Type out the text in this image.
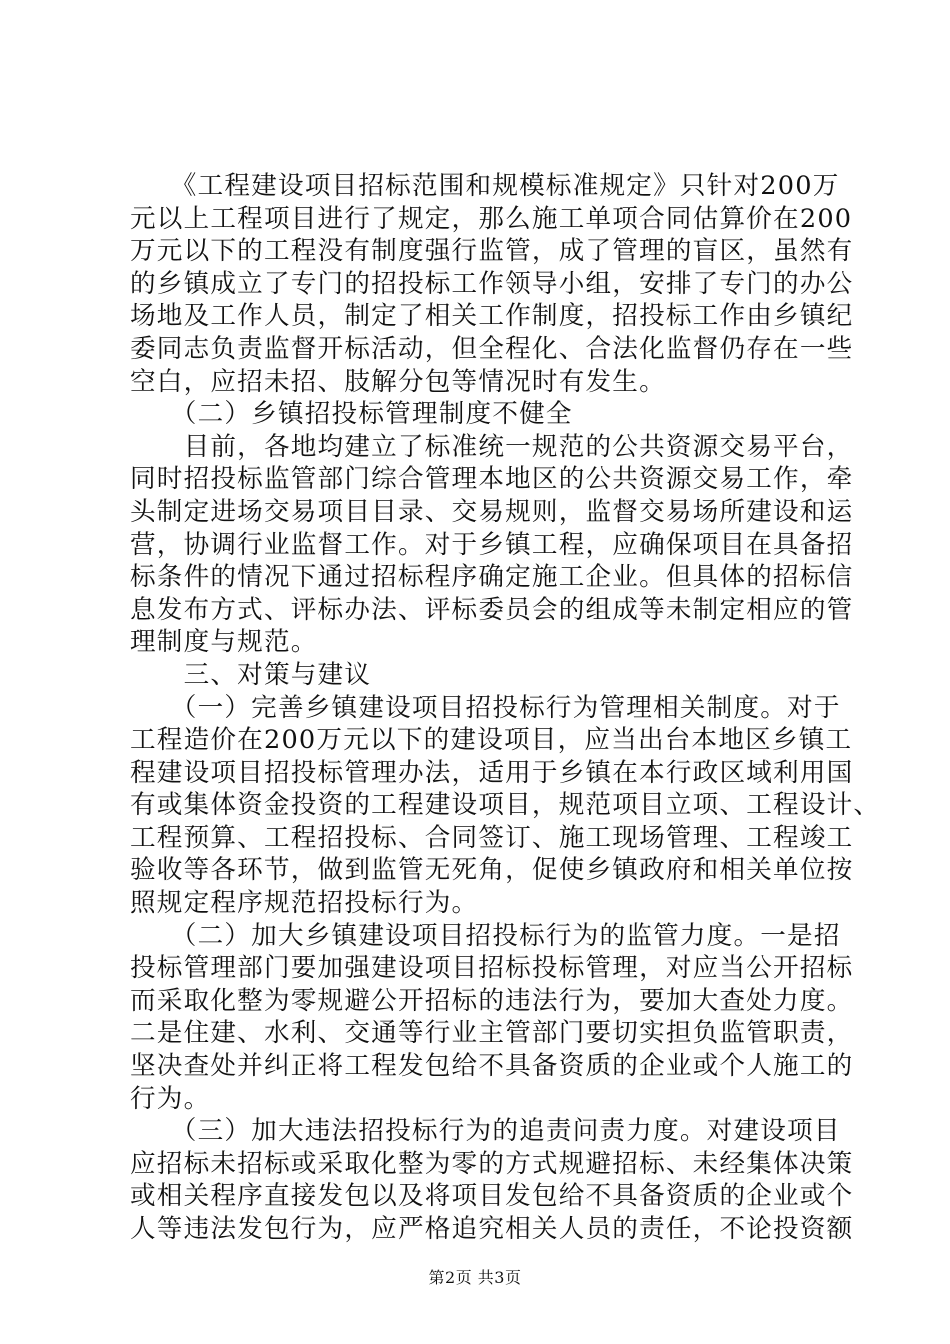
　　《工程建设项目招标范围和规模标准规定》只针对200万
元以上工程项目进行了规定，那么施工单项合同估算价在200
万元以下的工程没有制度强行监管，成了管理的盲区，虽然有
的乡镇成立了专门的招投标工作领导小组，安排了专门的办公
场地及工作人员，制定了相关工作制度，招投标工作由乡镇纪
委同志负责监督开标活动，但全程化、合法化监督仍存在一些
空白，应招未招、肢解分包等情况时有发生。
　　（二）乡镇招投标管理制度不健全
　　目前，各地均建立了标准统一规范的公共资源交易平台，
同时招投标监管部门综合管理本地区的公共资源交易工作，牵
头制定进场交易项目目录、交易规则，监督交易场所建设和运
营，协调行业监督工作。对于乡镇工程，应确保项目在具备招
标条件的情况下通过招标程序确定施工企业。但具体的招标信
息发布方式、评标办法、评标委员会的组成等未制定相应的管
理制度与规范。
　　三、对策与建议
　　（一）完善乡镇建设项目招投标行为管理相关制度。对于
工程造价在200万元以下的建设项目，应当出台本地区乡镇工
程建设项目招投标管理办法，适用于乡镇在本行政区域利用国
有或集体资金投资的工程建设项目，规范项目立项、工程设计、
工程预算、工程招投标、合同签订、施工现场管理、工程竣工
验收等各环节，做到监管无死角，促使乡镇政府和相关单位按
照规定程序规范招投标行为。
　　（二）加大乡镇建设项目招投标行为的监管力度。一是招
投标管理部门要加强建设项目招标投标管理，对应当公开招标
而采取化整为零规避公开招标的违法行为，要加大查处力度。
二是住建、水利、交通等行业主管部门要切实担负监管职责，
坚决查处并纠正将工程发包给不具备资质的企业或个人施工的
行为。
　　（三）加大违法招投标行为的追责问责力度。对建设项目
应招标未招标或采取化整为零的方式规避招标、未经集体决策
或相关程序直接发包以及将项目发包给不具备资质的企业或个
人等违法发包行为，应严格追究相关人员的责任，不论投资额
第2页 共3页
